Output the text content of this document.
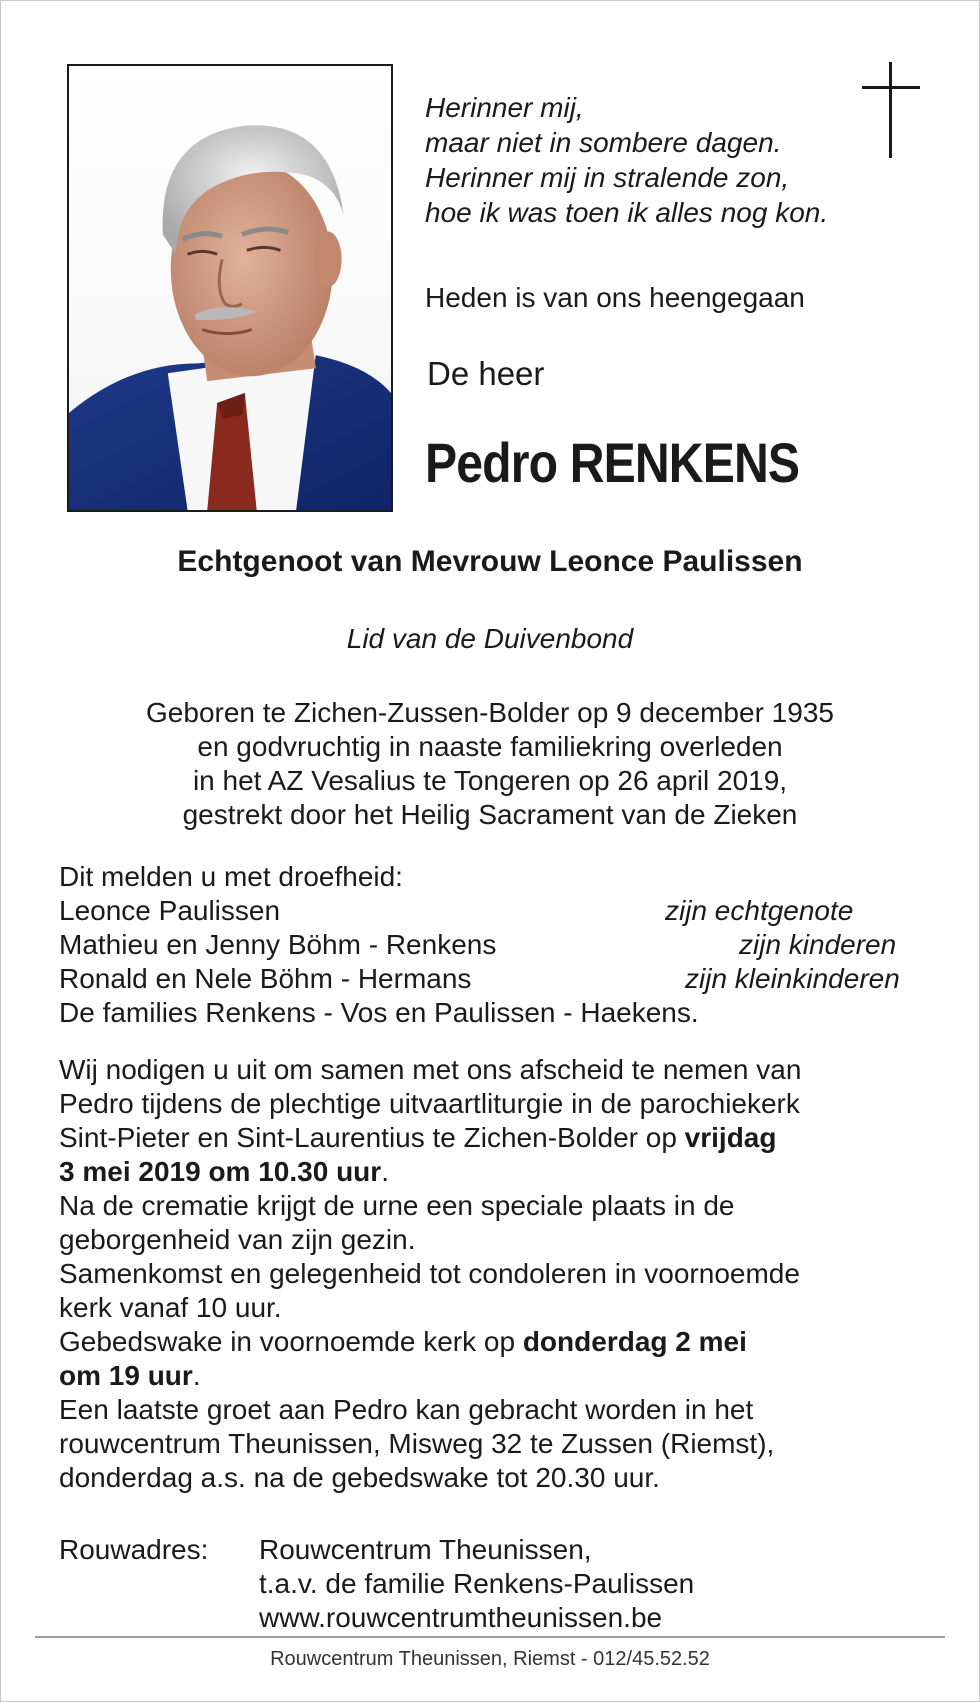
Herinner mij,
maar niet in sombere dagen.
Herinner mij in stralende zon,
hoe ik was toen ik alles nog kon.
Heden is van ons heengegaan
De heer
Pedro RENKENS
Echtgenoot van Mevrouw Leonce Paulissen
Lid van de Duivenbond
Geboren te Zichen-Zussen-Bolder op 9 december 1935
en godvruchtig in naaste familiekring overleden
in het AZ Vesalius te Tongeren op 26 april 2019,
gestrekt door het Heilig Sacrament van de Zieken
Dit melden u met droefheid:
Leonce Paulissen	zijn echtgenote
Mathieu en Jenny Böhm - Renkens	zijn kinderen
Ronald en Nele Böhm - Hermans	zijn kleinkinderen
De families Renkens - Vos en Paulissen - Haekens.

Wij nodigen u uit om samen met ons afscheid te nemen van
Pedro tijdens de plechtige uitvaartliturgie in de parochiekerk
Sint-Pieter en Sint-Laurentius te Zichen-Bolder op vrijdag
3 mei 2019 om 10.30 uur.

Na de crematie krijgt de urne een speciale plaats in de
geborgenheid van zijn gezin.

Samenkomst en gelegenheid tot condoleren in voornoemde
kerk vanaf 10 uur.

Gebedswake in voornoemde kerk op donderdag 2 mei
om 19 uur.

Een laatste groet aan Pedro kan gebracht worden in het
rouwcentrum Theunissen, Misweg 32 te Zussen (Riemst),
donderdag a.s. na de gebedswake tot 20.30 uur.

Rouwadres: Rouwcentrum Theunissen,
t.a.v. de familie Renkens-Paulissen
www.rouwcentrumtheunissen.be
Rouwcentrum Theunissen, Riemst - 012/45.52.52
